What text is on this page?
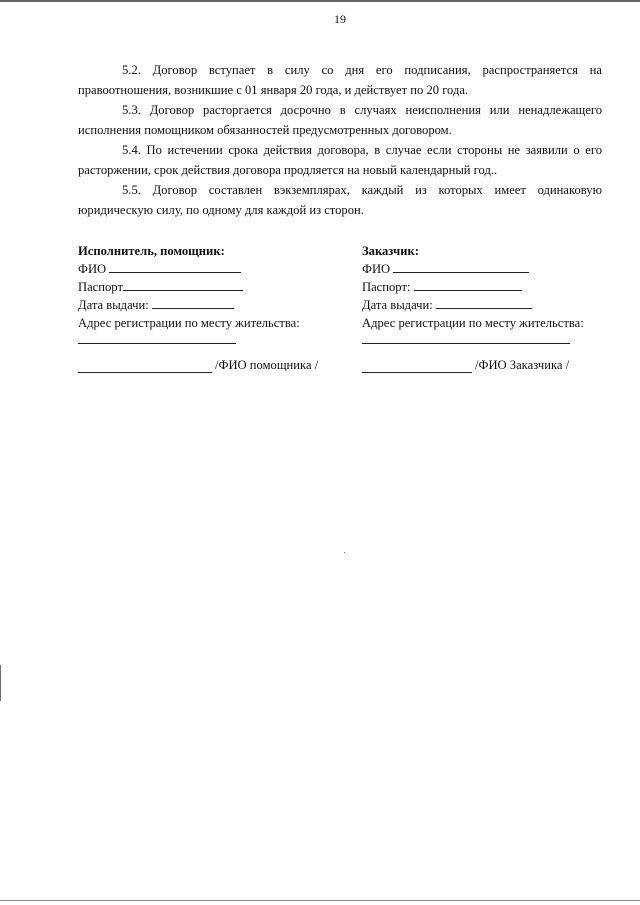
19

5.2. Договор вступает в силу со дня его подписания, распространяется на правоотношения, возникшие с 01 января 20 года, и действует по 20 года.

5.3. Договор расторгается досрочно в случаях неисполнения или ненадлежащего исполнения помощником обязанностей предусмотренных договором.

5.4. По истечении срока действия договора, в случае если стороны не заявили о его расторжении, срок действия договора продляется на новый календарный год..

5.5. Договор составлен вэкземплярах, каждый из которых имеет одинаковую юридическую силу, по одному для каждой из сторон.

Исполнитель, помощник:
ФИО
Паспорт
Дата выдачи:
Заказчик:
ФИО
Паспорт:
Дата выдачи:
Адрес регистрации по месту жительства:	Адрес регистрации по месту жительства:
/ФИО помощника /	/ФИО Заказчика /
